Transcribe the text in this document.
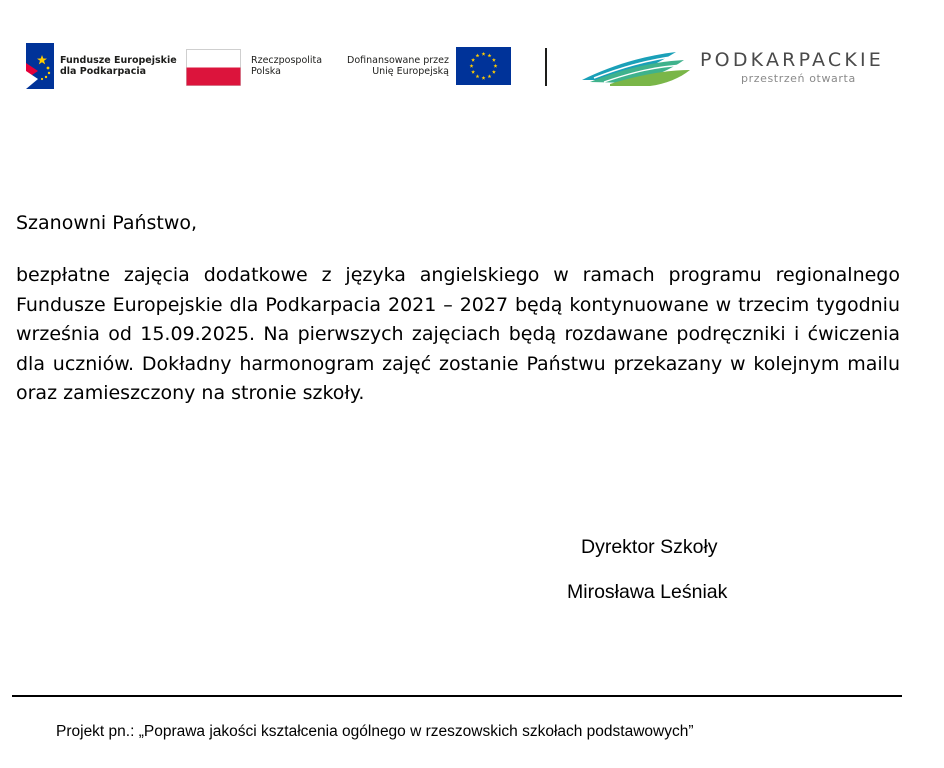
Fundusze Europejskie
dla Podkarpacia
Rzeczpospolita
Polska
Dofinansowane przez
Unię Europejską
PODKARPACKIE
przestrzeń otwarta
Szanowni Państwo,
bezpłatne zajęcia dodatkowe z języka angielskiego w ramach programu regionalnego Fundusze Europejskie dla Podkarpacia 2021 – 2027 będą kontynuowane w trzecim tygodniu września od 15.09.2025. Na pierwszych zajęciach będą rozdawane podręczniki i ćwiczenia dla uczniów. Dokładny harmonogram zajęć zostanie Państwu przekazany w kolejnym mailu oraz zamieszczony na stronie szkoły.
Dyrektor Szkoły
Mirosława Leśniak
Projekt pn.: „Poprawa jakości kształcenia ogólnego w rzeszowskich szkołach podstawowych”
